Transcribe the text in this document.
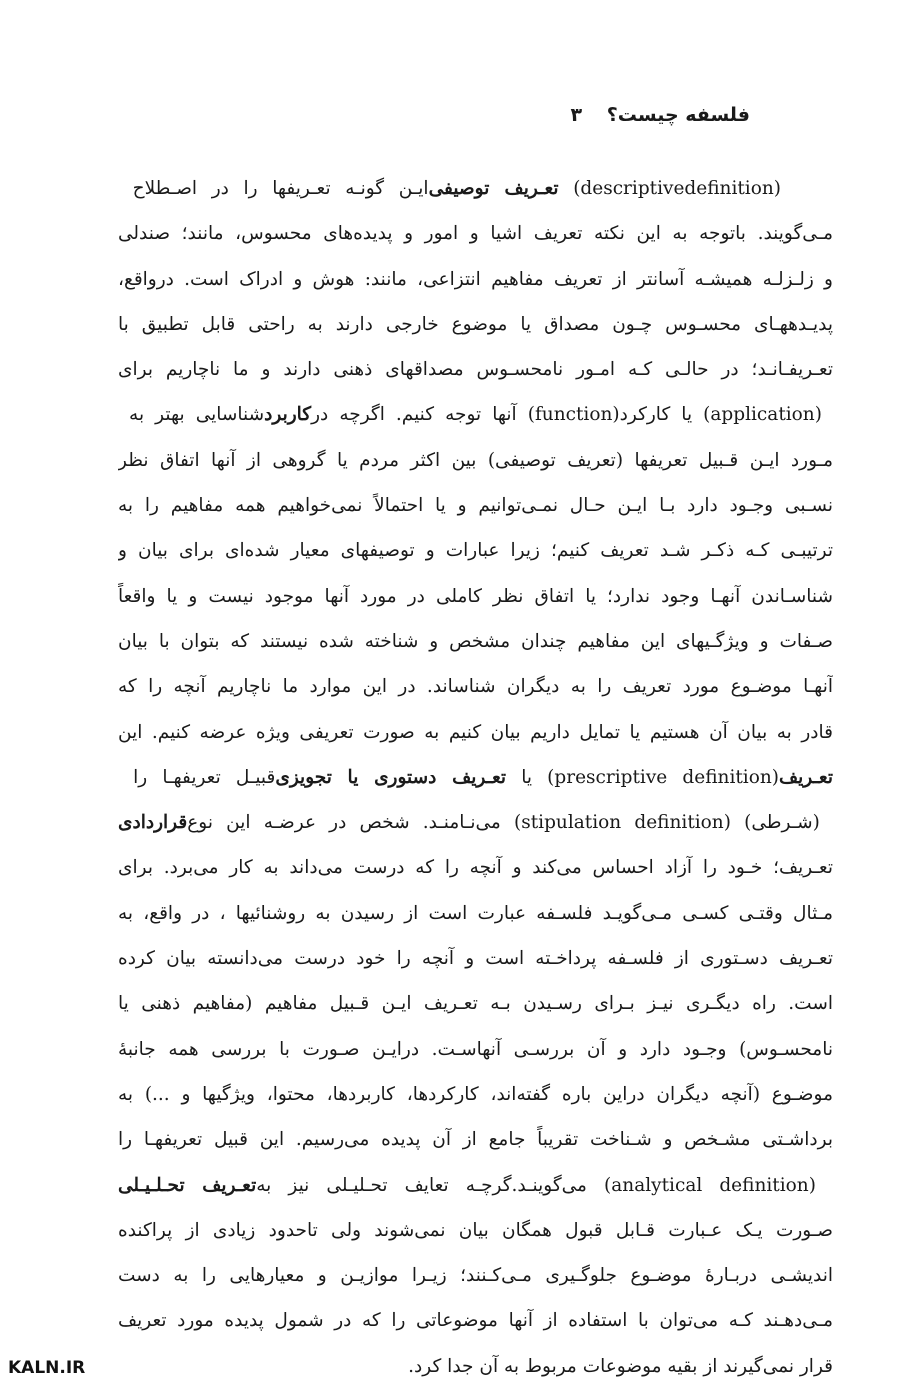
فلسفه چیست؟ ۳
ایـن گونـه تعـریفها را در اصـطلاح تعـریف توصیفی (descriptivedefinition)
مـی‌گویند. باتوجه به این نکته تعریف اشیا و امور و پدیده‌های محسوس، مانند؛ صندلی
و زلـزلـه همیشـه آسانتر از تعریف مفاهیم انتزاعی، مانند: هوش و ادراک است. درواقع،
پدیـدههـای محسـوس چـون مصداق یا موضوع خارجی دارند به راحتی قابل تطبیق با
تعـریفـانـد؛ در حالـی کـه امـور نامحسـوس مصداقهای ذهنی دارند و ما ناچاریم برای
شناسایی بهتر به کاربرد (application) یا کارکرد(function) آنها توجه کنیم. اگرچه در
مـورد ایـن قـبیل تعریفها (تعریف توصیفی) بین اکثر مردم یا گروهی از آنها اتفاق نظر
نسـبی وجـود دارد بـا ایـن حـال نمـی‌توانیم و یا احتمالاً نمی‌خواهیم همه مفاهیم را به
ترتیبـی کـه ذکـر شـد تعریف کنیم؛ زیرا عبارات و توصیفهای معیار شده‌ای برای بیان و
شناسـاندن آنهـا وجود ندارد؛ یا اتفاق نظر کاملی در مورد آنها موجود نیست و یا واقعاً
صـفات و ویژگـیهای این مفاهیم چندان مشخص و شناخته شده نیستند که بتوان با بیان
آنهـا موضـوع مورد تعریف را به دیگران شناساند. در این موارد ما ناچاریم آنچه را که
قادر به بیان آن هستیم یا تمایل داریم بیان کنیم به صورت تعریفی ویژه عرضه کنیم. این
قبیـل تعریفهـا را تعـریف دستوری یا تجویزی(prescriptive definition) یا تعـریف
قراردادی (شـرطی) (stipulation definition) می‌نـامنـد. شخص در عرضـه این نوع
تعـریف؛ خـود را آزاد احساس می‌کند و آنچه را که درست می‌داند به کار می‌برد. برای
مـثال وقتـی کسـی مـی‌گویـد فلسـفه عبارت است از رسیدن به روشنائیها ، در واقع، به
تعـریف دسـتوری از فلسـفه پرداخـته است و آنچه را خود درست می‌دانسته بیان کرده
است. راه دیگـری نیـز بـرای رسـیدن بـه تعـریف ایـن قـبیل مفاهیم (مفاهیم ذهنی یا
نامحسـوس) وجـود دارد و آن بررسـی آنهاسـت. درایـن صـورت با بررسی همه جانبهٔ
موضـوع (آنچه دیگران دراین باره گفته‌اند، کارکردها، کاربردها، محتوا، ویژگیها و ...) به
برداشـتی مشـخص و شـناخت تقریباً جامع از آن پدیده می‌رسیم. این قبیل تعریفهـا را
تعـریف تحـلـیـلی (analytical definition) می‌گوینـد.گرچـه تعایف تحـلیـلی نیز به
صـورت یـک عـبارت قـابل قبول همگان بیان نمی‌شوند ولی تاحدود زیادی از پراکنده
اندیشـی دربـارهٔ موضـوع جلوگـیری مـی‌کـنند؛ زیـرا موازیـن و معیارهایی را به دست
مـی‌دهـند کـه می‌توان با استفاده از آنها موضوعاتی را که در شمول پدیده مورد تعریف
قرار نمی‌گیرند از بقیه موضوعات مربوط به آن جدا کرد.
KALN.IR
